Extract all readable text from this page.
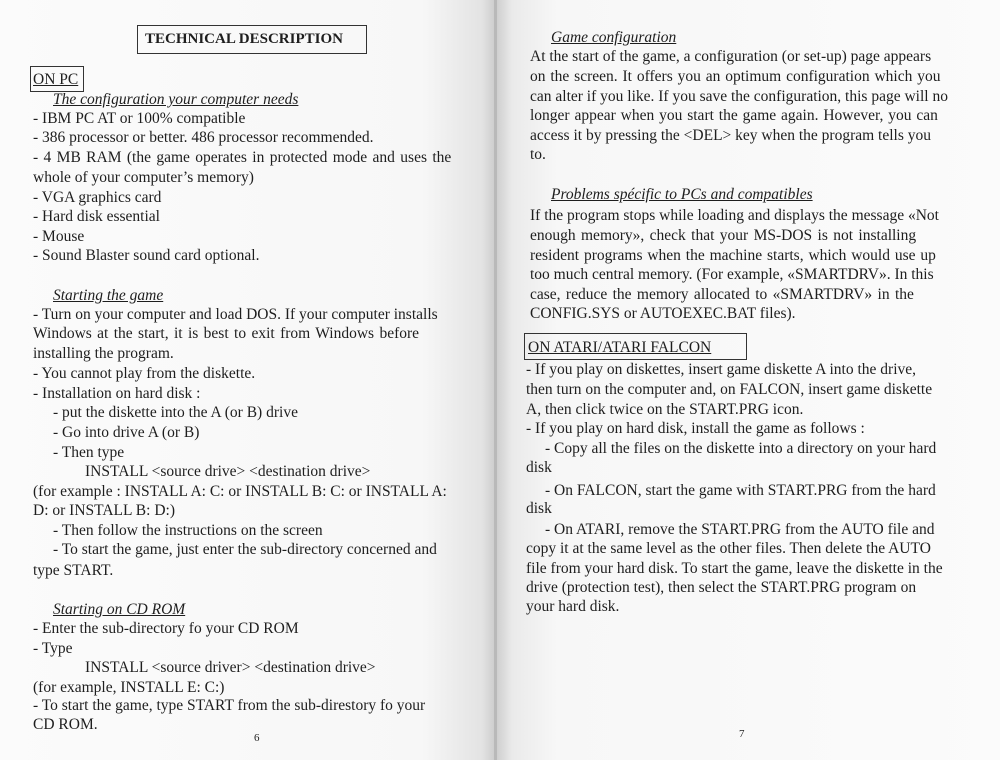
TECHNICAL DESCRIPTION
ON PC
The configuration your computer needs
- IBM PC AT or 100% compatible
- 386 processor or better. 486 processor recommended.
- 4 MB RAM (the game operates in protected mode and uses the
whole of your computer’s memory)
- VGA graphics card
- Hard disk essential
- Mouse
- Sound Blaster sound card optional.
Starting the game
- Turn on your computer and load DOS. If your computer installs
Windows at the start, it is best to exit from Windows before
installing the program.
- You cannot play from the diskette.
- Installation on hard disk :
- put the diskette into the A (or B) drive
- Go into drive A (or B)
- Then type
INSTALL <source drive> <destination drive>
(for example : INSTALL A: C: or INSTALL B: C: or INSTALL A:
D: or INSTALL B: D:)
- Then follow the instructions on the screen
- To start the game, just enter the sub-directory concerned and
type START.
Starting on CD ROM
- Enter the sub-directory fo your CD ROM
- Type
INSTALL <source driver> <destination drive>
(for example, INSTALL E: C:)
- To start the game, type START from the sub-direstory fo your
CD ROM.
6
Game configuration
At the start of the game, a configuration (or set-up) page appears
on the screen. It offers you an optimum configuration which you
can alter if you like. If you save the configuration, this page will no
longer appear when you start the game again. However, you can
access it by pressing the <DEL> key when the program tells you
to.
Problems spécific to PCs and compatibles
If the program stops while loading and displays the message «Not
enough memory», check that your MS-DOS is not installing
resident programs when the machine starts, which would use up
too much central memory. (For example, «SMARTDRV». In this
case, reduce the memory allocated to «SMARTDRV» in the
CONFIG.SYS or AUTOEXEC.BAT files).
ON ATARI/ATARI FALCON
- If you play on diskettes, insert game diskette A into the drive,
then turn on the computer and, on FALCON, insert game diskette
A, then click twice on the START.PRG icon.
- If you play on hard disk, install the game as follows :
- Copy all the files on the diskette into a directory on your hard
disk
- On FALCON, start the game with START.PRG from the hard
disk
- On ATARI, remove the START.PRG from the AUTO file and
copy it at the same level as the other files. Then delete the AUTO
file from your hard disk. To start the game, leave the diskette in the
drive (protection test), then select the START.PRG program on
your hard disk.
7
